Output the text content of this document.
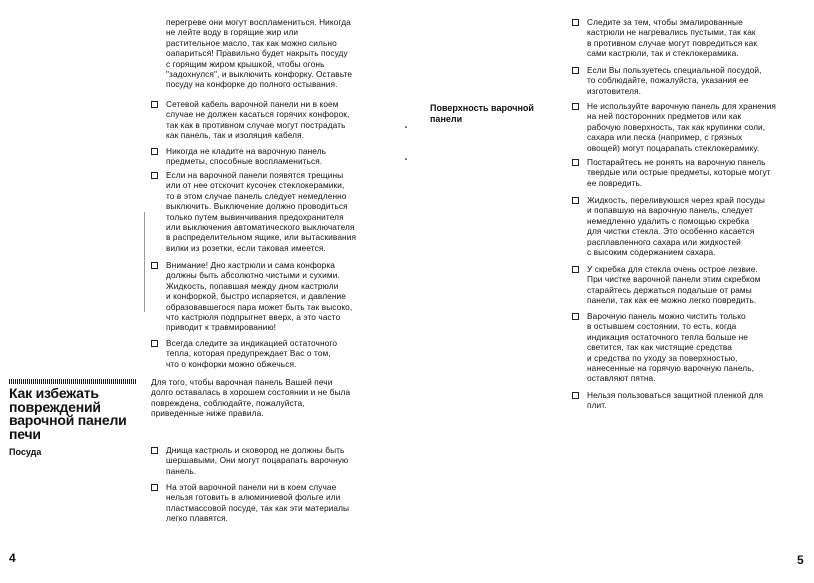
перегреве они могут воспламениться. Никогда
не лейте воду в горящие жир или
растительное масло, так как можно сильно
оапариться! Правильно будет накрыть посуду
с горящим жиром крышкой, чтобы огонь
"задохнулся", и выключить конфорку. Оставьте
посуду на конфорке до полного остывания.
Сетевой кабель варочной панели ни в коем
случае не должен касаться горячих конфорок,
так как в противном случае могут пострадать
как панель, так и изоляция кабеля.
Никогда не кладите на варочную панель
предметы, способные воспламениться.
Если на варочной панели появятся трещины
или от нее отскочит кусочек стеклокерамики,
то в этом случае панель следует немедленно
выключить. Выключение должно проводиться
только путем вывинчивания предохранителя
или выключения автоматического выключателя
в распределительном ящике, или вытаскивания
вилки из розетки, если таковая имеется.
Внимание! Дно кастрюли и сама конфорка
должны быть абсолютно чистыми и сухими.
Жидкость, попавшая между дном кастрюли
и конфоркой, быстро испаряется, и давление
образовавшегося пара может быть так высоко,
что кастрюля подпрыгнет вверх, а это часто
приводит к травмированию!
Всегда следите за индикацией остаточного
тепла, которая предупреждает Вас о том,
что о конфорки можно обжечься.
Как избежать
повреждений
варочной панели
печи
Посуда
Для того, чтобы варочная панель Вашей печи
долго оставалась в хорошем состоянии и не была
повреждена, соблюдайте, пожалуйста,
приведенные ниже правила.
Днища кастрюль и сковород не должны быть
шершавыми, Они могут поцарапать варочную
панель.
На этой варочной панели ни в коем случае
нельзя готовить в алюминиевой фольге или
пластмассовой посуде, так как эти материалы
легко плавятся.
4
Поверхность варочной
панели
Следите за тем, чтобы эмалированные
кастрюли не нагревались пустыми, так как
в противном случае могут повредиться как
сами кастрюли, так и стеклокерамика.
Если Вы пользуетесь специальной посудой,
то соблюдайте, пожалуйста, указания ее
изготовителя.
Не используйте варочную панель для хранения
на ней посторонних предметов или как
рабочую поверхность, так как крупинки соли,
сахара или песка (например, с грязных
овощей) могут поцарапать стеклокерамику.
Постарайтесь не ронять на варочную панель
твердые или острые предметы, которые могут
ее повредить.
Жидкость, переливуюшся через край посуды
и попавшую на варочную панель, следует
немедленно удалить с помощью скребка
для чистки стекла. Это особенно касается
расплавленного сахара или жидкостей
с высоким содержанием сахара.
У скребка для стекла очень острое лезвие.
При чистке варочной панели этим скребком
старайтесь держаться подальше от рамы
панели, так как ее можно легко повредить.
Варочную панель можно чистить только
в остывшем состоянии, то есть, когда
индикация остаточного тепла больше не
светится, так как чистящие средства
и средства по уходу за поверхностью,
нанесенные на горячую варочную панель,
оставляют пятна.
Нельзя пользоваться защитной пленкой для
плит.
5
